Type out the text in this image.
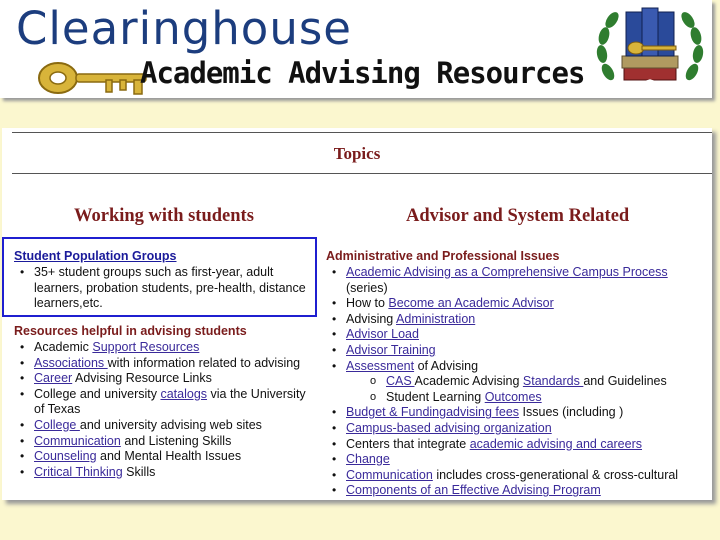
Clearinghouse
Academic Advising Resources
Topics
Working with students	Advisor and System Related
Student Population Groups
• 35+ student groups such as first-year, adult learners, probation students, pre-health, distance learners,etc.
Resources helpful in advising students
• Academic Support Resources
• Associations with information related to advising
• Career Advising Resource Links
• College and university catalogs via the University of Texas
• College and university advising web sites
• Communication and Listening Skills
• Counseling and Mental Health Issues
• Critical Thinking Skills
Administrative and Professional Issues
• Academic Advising as a Comprehensive Campus Process (series)
• How to Become an Academic Advisor
• Advising Administration
• Advisor Load
• Advisor Training
• Assessment of Advising
o CAS Academic Advising Standards and Guidelines
o Student Learning Outcomes
• Budget & Fundingadvising fees Issues (including )
• Campus-based advising organization
• Centers that integrate academic advising and careers
• Change
• Communication includes cross-generational & cross-cultural
• Components of an Effective Advising Program
